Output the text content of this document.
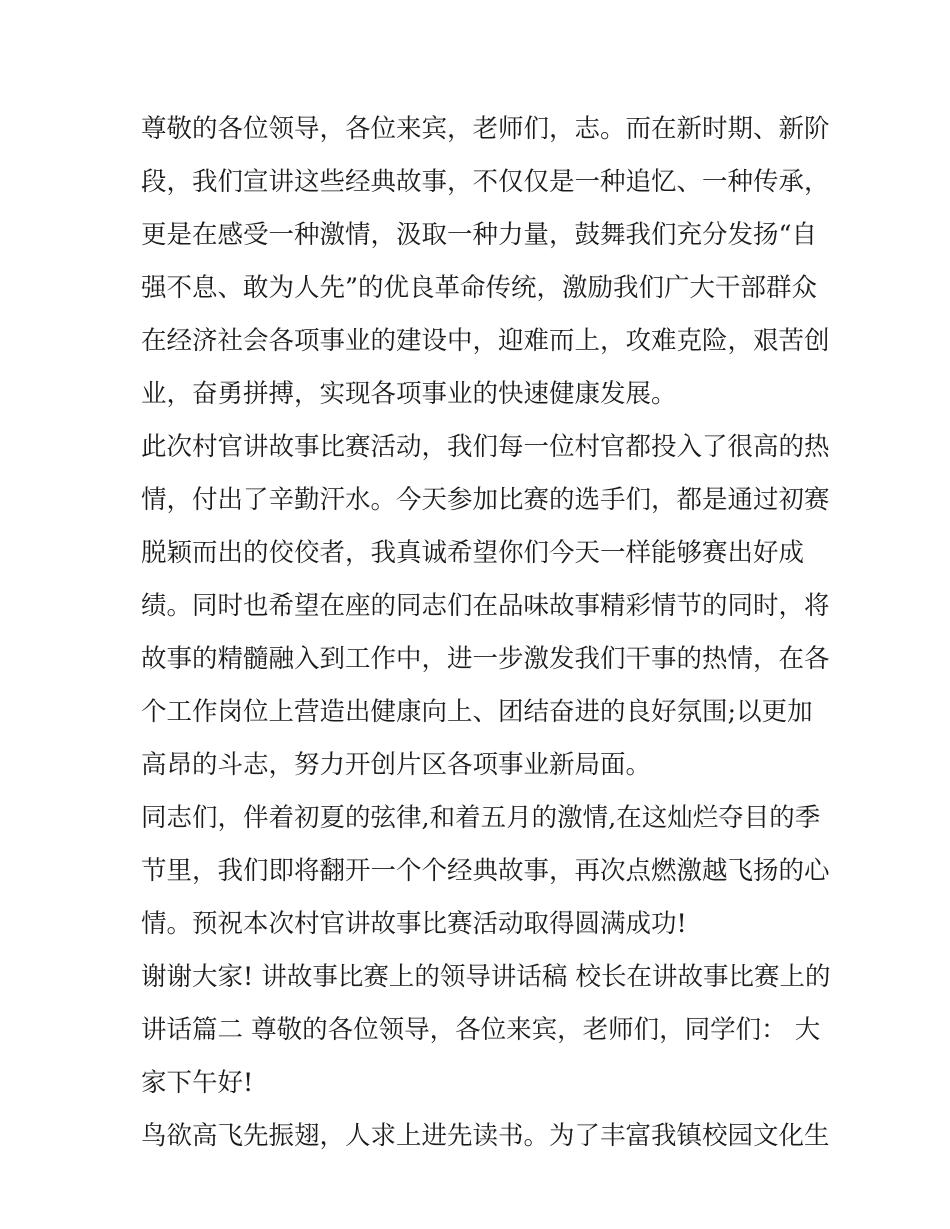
尊敬的各位领导，各位来宾，老师们，志。而在新时期、新阶
段，我们宣讲这些经典故事，不仅仅是一种追忆、一种传承，
更是在感受一种激情，汲取一种力量，鼓舞我们充分发扬“自
强不息、敢为人先”的优良革命传统，激励我们广大干部群众
在经济社会各项事业的建设中，迎难而上，攻难克险，艰苦创
业，奋勇拼搏，实现各项事业的快速健康发展。
此次村官讲故事比赛活动，我们每一位村官都投入了很高的热
情，付出了辛勤汗水。今天参加比赛的选手们，都是通过初赛
脱颖而出的佼佼者，我真诚希望你们今天一样能够赛出好成
绩。同时也希望在座的同志们在品味故事精彩情节的同时，将
故事的精髓融入到工作中，进一步激发我们干事的热情，在各
个工作岗位上营造出健康向上、团结奋进的良好氛围;以更加
高昂的斗志，努力开创片区各项事业新局面。
同志们，伴着初夏的弦律,和着五月的激情,在这灿烂夺目的季
节里，我们即将翻开一个个经典故事，再次点燃激越飞扬的心
情。预祝本次村官讲故事比赛活动取得圆满成功!
谢谢大家! 讲故事比赛上的领导讲话稿 校长在讲故事比赛上的
讲话篇二 尊敬的各位领导，各位来宾，老师们，同学们： 大
家下午好!
鸟欲高飞先振翅，人求上进先读书。为了丰富我镇校园文化生
